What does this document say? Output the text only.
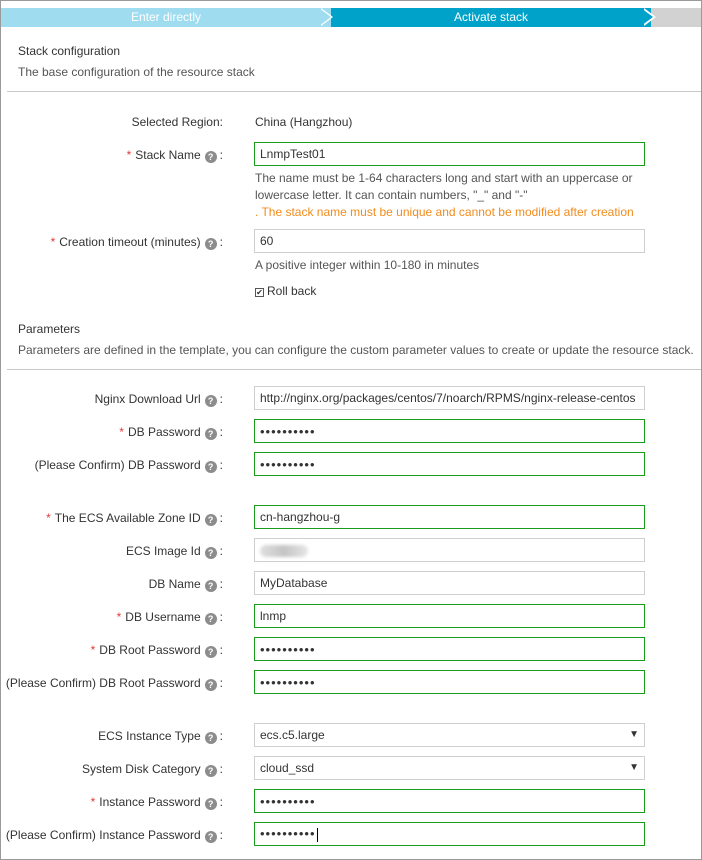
Enter directly	Activate stack
Stack configuration
The base configuration of the resource stack
Selected Region:	China (Hangzhou)
* Stack Name ? :
LnmpTest01
The name must be 1-64 characters long and start with an uppercase or
lowercase letter. It can contain numbers, "_" and "-"
. The stack name must be unique and cannot be modified after creation
* Creation timeout (minutes) ? :
60
A positive integer within 10-180 in minutes
✔ Roll back
Parameters
Parameters are defined in the template, you can configure the custom parameter values to create or update the resource stack.
Nginx Download Url ? :
http://nginx.org/packages/centos/7/noarch/RPMS/nginx-release-centos
* DB Password ? :
••••••••••
(Please Confirm) DB Password ? :
••••••••••
* The ECS Available Zone ID ? :
cn-hangzhou-g
ECS Image Id ? :
DB Name ? :
MyDatabase
* DB Username ? :
lnmp
* DB Root Password ? :
••••••••••
(Please Confirm) DB Root Password ? :
••••••••••
ECS Instance Type ? :	ecs.c5.large	▼
System Disk Category ? :	cloud_ssd	▼
* Instance Password ? :
••••••••••
(Please Confirm) Instance Password ? :	••••••••••
